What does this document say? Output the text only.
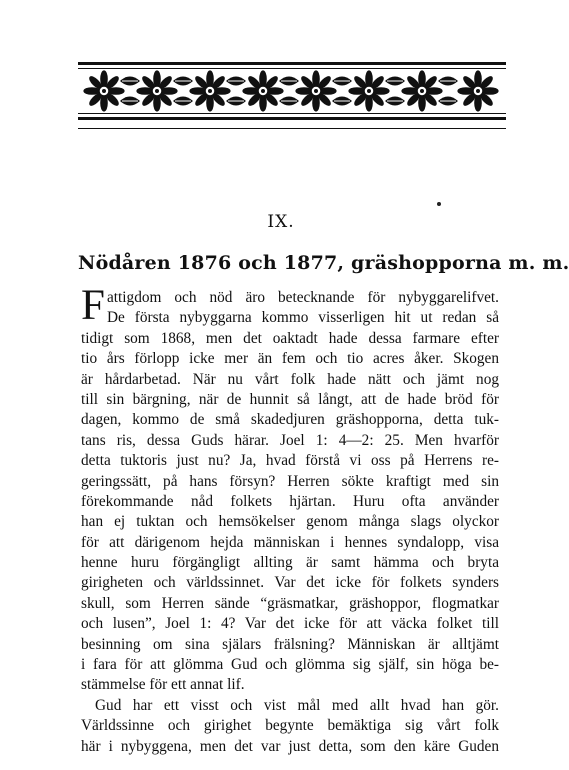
IX.
Nödåren 1876 och 1877, gräshopporna m. m.
F attigdom och nöd äro betecknande för nybyggarelifvet.
De första nybyggarna kommo visserligen hit ut redan så
tidigt som 1868, men det oaktadt hade dessa farmare efter
tio års förlopp icke mer än fem och tio acres åker. Skogen
är hårdarbetad. När nu vårt folk hade nätt och jämt nog
till sin bärgning, när de hunnit så långt, att de hade bröd för
dagen, kommo de små skadedjuren gräshopporna, detta tuk-
tans ris, dessa Guds härar. Joel 1: 4—2: 25. Men hvarför
detta tuktoris just nu? Ja, hvad förstå vi oss på Herrens re-
geringssätt, på hans försyn? Herren sökte kraftigt med sin
förekommande nåd folkets hjärtan. Huru ofta använder
han ej tuktan och hemsökelser genom många slags olyckor
för att därigenom hejda människan i hennes syndalopp, visa
henne huru förgängligt allting är samt hämma och bryta
girigheten och världssinnet. Var det icke för folkets synders
skull, som Herren sände “gräsmatkar, gräshoppor, flogmatkar
och lusen”, Joel 1: 4? Var det icke för att väcka folket till
besinning om sina själars frälsning? Människan är alltjämt
i fara för att glömma Gud och glömma sig själf, sin höga be-
stämmelse för ett annat lif.
Gud har ett visst och vist mål med allt hvad han gör.
Världssinne och girighet begynte bemäktiga sig vårt folk
här i nybyggena, men det var just detta, som den käre Guden
